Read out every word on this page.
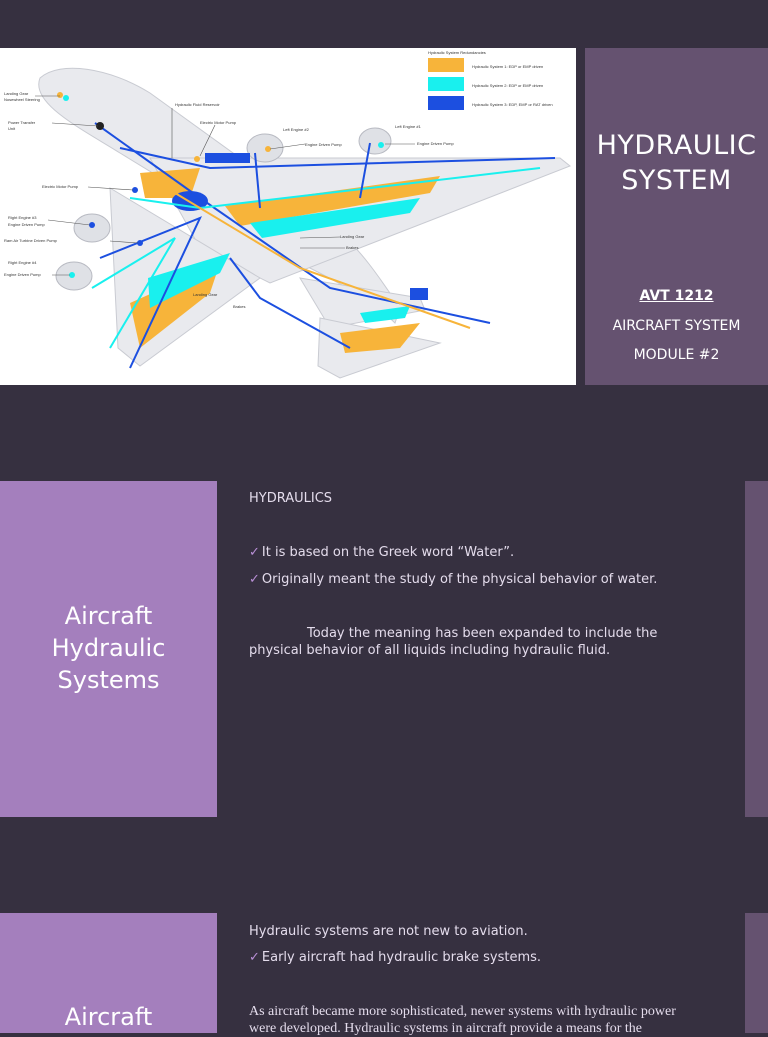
Hydraulic System Redundancies
Hydraulic System 1: EDP or EMP driven
Hydraulic System 2: EDP or EMP driven
Hydraulic System 3: EDP, EMP or RAT driven
Landing Gear
Nosewheel Steering
Power Transfer
Unit
Hydraulic Fluid Reservoir
Electric Motor Pump
Left Engine #2
Left Engine #1
Engine Driven Pump	Engine Driven Pump
Electric Motor Pump
Right Engine #3
Engine Driven Pump
Ram Air Turbine Driven Pump
Right Engine #4
Engine Driven Pump
Landing Gear
Brakes
Landing Gear
Brakes
HYDRAULIC
SYSTEM
AVT 1212
AIRCRAFT SYSTEM
MODULE #2
Aircraft
Hydraulic
Systems
HYDRAULICS
✓ It is based on the Greek word “Water”.
✓ Originally meant the study of the physical behavior of water.
Today the meaning has been expanded to include the
physical behavior of all liquids including hydraulic fluid.
Aircraft
Hydraulic systems are not new to aviation.
✓ Early aircraft had hydraulic brake systems.
As aircraft became more sophisticated, newer systems with hydraulic power
were developed. Hydraulic systems in aircraft provide a means for the
